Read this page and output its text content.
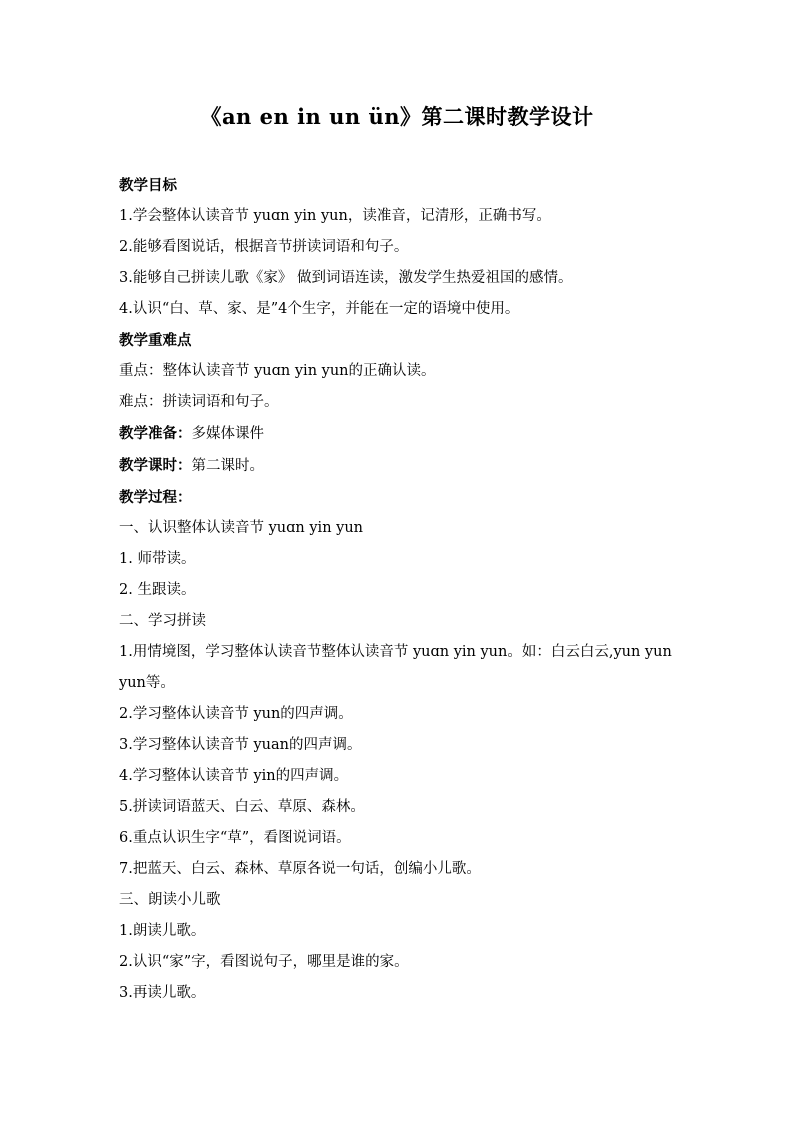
《an en in un ün》第二课时教学设计

教学目标

1.学会整体认读音节 yuɑn yin yun，读准音，记清形，正确书写。

2.能够看图说话，根据音节拼读词语和句子。

3.能够自己拼读儿歌《家》 做到词语连读，激发学生热爱祖国的感情。

4.认识“白、草、家、是”4个生字，并能在一定的语境中使用。

教学重难点

重点：整体认读音节 yuɑn yin yun的正确认读。

难点：拼读词语和句子。

教学准备：多媒体课件

教学课时：第二课时。

教学过程：

一、认识整体认读音节 yuɑn yin yun

1. 师带读。

2. 生跟读。

二、学习拼读

1.用情境图，学习整体认读音节整体认读音节 yuɑn yin yun。如：白云白云,yun yun yun等。

2.学习整体认读音节 yun的四声调。

3.学习整体认读音节 yuan的四声调。

4.学习整体认读音节 yin的四声调。

5.拼读词语蓝天、白云、草原、森林。

6.重点认识生字“草”，看图说词语。

7.把蓝天、白云、森林、草原各说一句话，创编小儿歌。

三、朗读小儿歌

1.朗读儿歌。

2.认识“家”字，看图说句子，哪里是谁的家。

3.再读儿歌。
